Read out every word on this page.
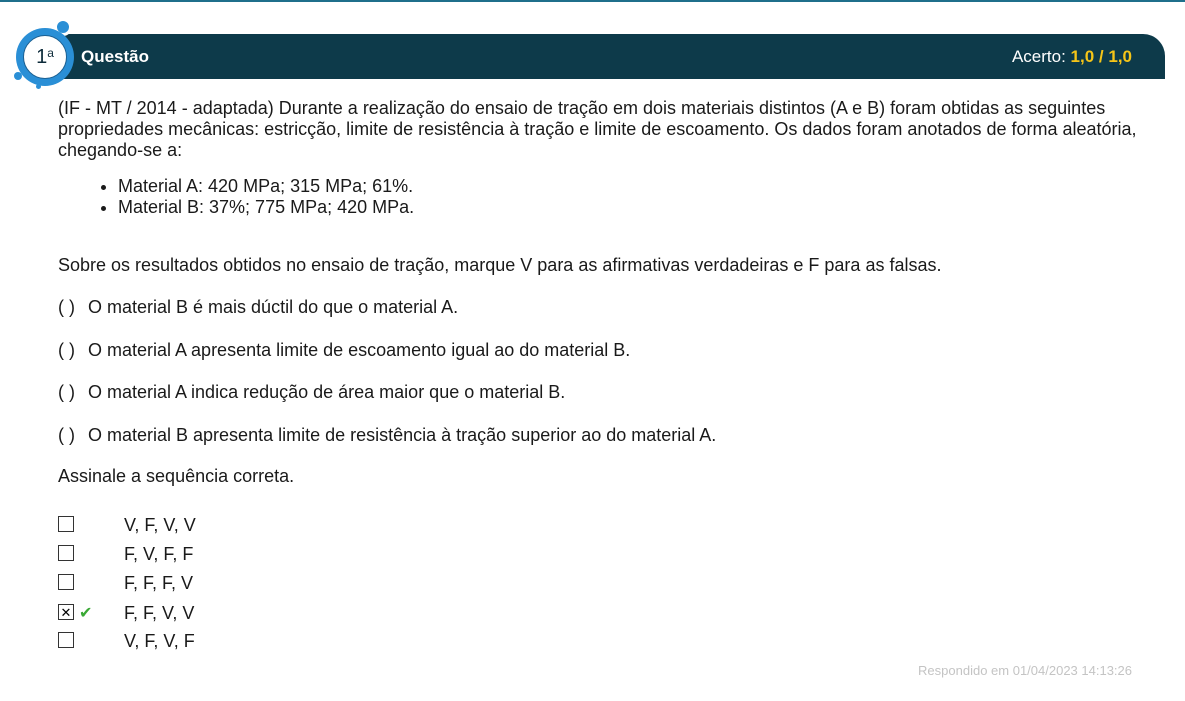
Questão	Acerto: 1,0 / 1,0
1$^a$

(IF - MT / 2014 - adaptada) Durante a realização do ensaio de tração em dois materiais distintos (A e B) foram obtidas as seguintes propriedades mecânicas: estricção, limite de resistência à tração e limite de escoamento. Os dados foram anotados de forma aleatória, chegando-se a:

• Material A: 420 MPa; 315 MPa; 61%.
• Material B: 37%; 775 MPa; 420 MPa.
Sobre os resultados obtidos no ensaio de tração, marque V para as afirmativas verdadeiras e F para as falsas.
( ) O material B é mais dúctil do que o material A.
( ) O material A apresenta limite de escoamento igual ao do material B.
( ) O material A indica redução de área maior que o material B.
( ) O material B apresenta limite de resistência à tração superior ao do material A.
Assinale a sequência correta.
V, F, V, V
F, V, F, F
F, F, F, V
✕ ✔ F, F, V, V
V, F, V, F
Respondido em 01/04/2023 14:13:26
